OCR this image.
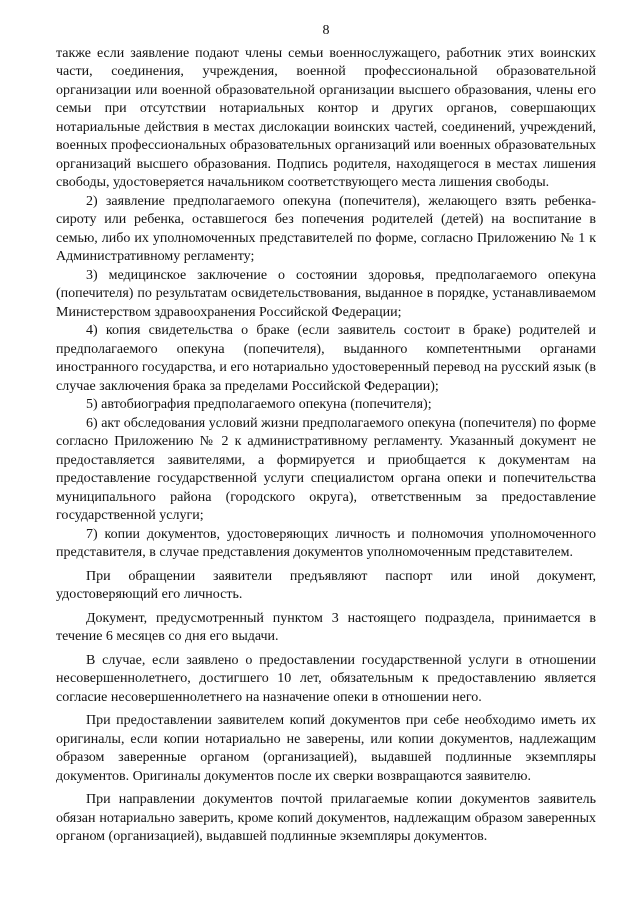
8

также если заявление подают члены семьи военнослужащего, работник этих воинских части, соединения, учреждения, военной профессиональной образовательной организации или военной образовательной организации высшего образования, члены его семьи при отсутствии нотариальных контор и других органов, совершающих нотариальные действия в местах дислокации воинских частей, соединений, учреждений, военных профессиональных образовательных организаций или военных образовательных организаций высшего образования. Подпись родителя, находящегося в местах лишения свободы, удостоверяется начальником соответствующего места лишения свободы.

2) заявление предполагаемого опекуна (попечителя), желающего взять ребенка-сироту или ребенка, оставшегося без попечения родителей (детей) на воспитание в семью, либо их уполномоченных представителей по форме, согласно Приложению № 1 к Административному регламенту;

3) медицинское заключение о состоянии здоровья, предполагаемого опекуна (попечителя) по результатам освидетельствования, выданное в порядке, устанавливаемом Министерством здравоохранения Российской Федерации;

4) копия свидетельства о браке (если заявитель состоит в браке) родителей и предполагаемого опекуна (попечителя), выданного компетентными органами иностранного государства, и его нотариально удостоверенный перевод на русский язык (в случае заключения брака за пределами Российской Федерации);

5) автобиография предполагаемого опекуна (попечителя);

6) акт обследования условий жизни предполагаемого опекуна (попечителя) по форме согласно Приложению № 2 к административному регламенту. Указанный документ не предоставляется заявителями, а формируется и приобщается к документам на предоставление государственной услуги специалистом органа опеки и попечительства муниципального района (городского округа), ответственным за предоставление государственной услуги;

7) копии документов, удостоверяющих личность и полномочия уполномоченного представителя, в случае представления документов уполномоченным представителем.

При обращении заявители предъявляют паспорт или иной документ, удостоверяющий его личность.

Документ, предусмотренный пунктом 3 настоящего подраздела, принимается в течение 6 месяцев со дня его выдачи.

В случае, если заявлено о предоставлении государственной услуги в отношении несовершеннолетнего, достигшего 10 лет, обязательным к предоставлению является согласие несовершеннолетнего на назначение опеки в отношении него.

При предоставлении заявителем копий документов при себе необходимо иметь их оригиналы, если копии нотариально не заверены, или копии документов, надлежащим образом заверенные органом (организацией), выдавшей подлинные экземпляры документов. Оригиналы документов после их сверки возвращаются заявителю.

При направлении документов почтой прилагаемые копии документов заявитель обязан нотариально заверить, кроме копий документов, надлежащим образом заверенных органом (организацией), выдавшей подлинные экземпляры документов.
